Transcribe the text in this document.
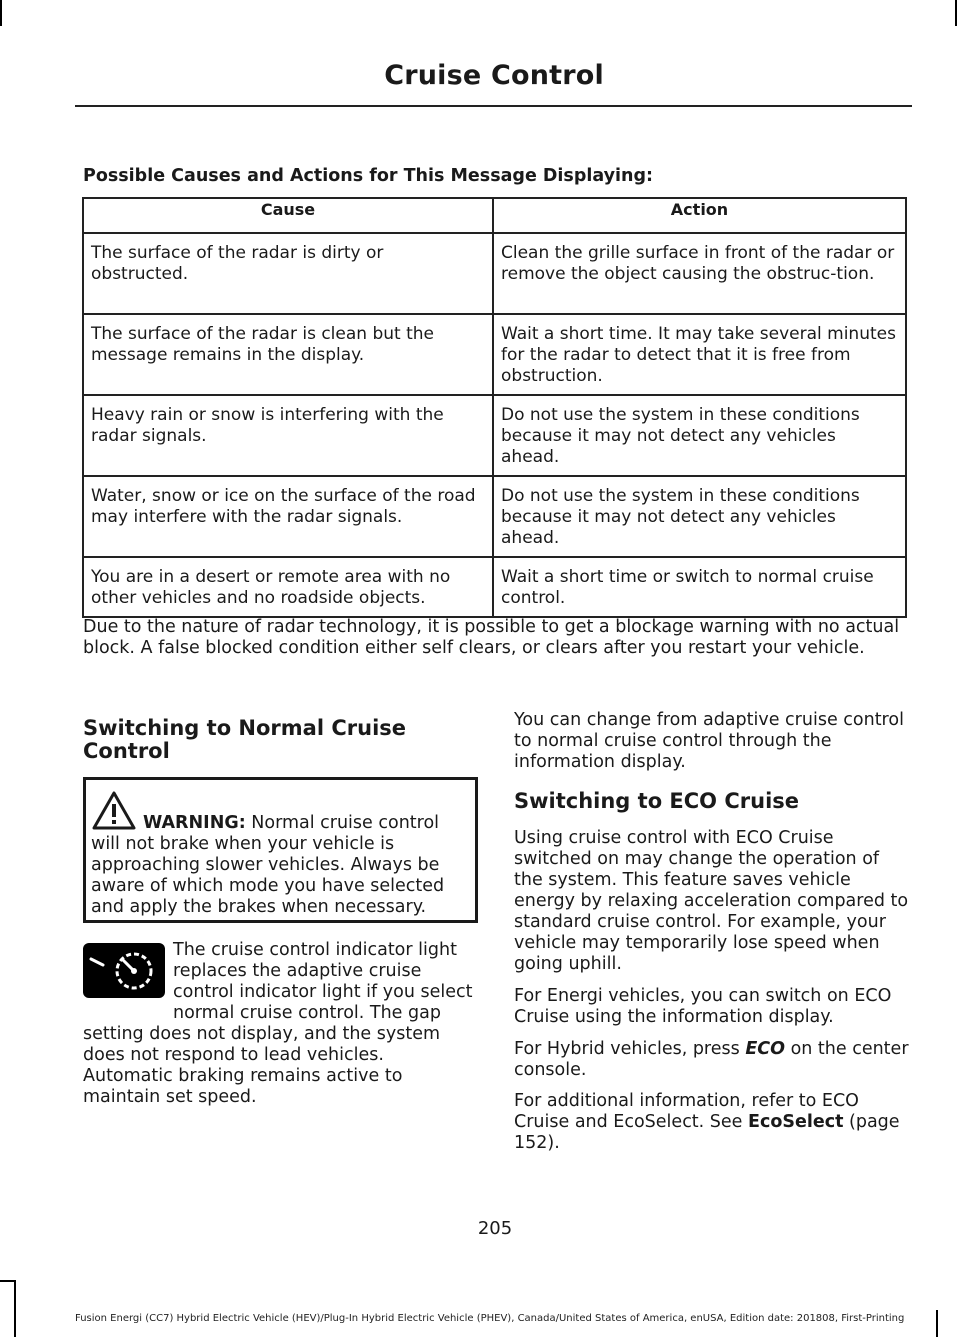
Cruise Control
Possible Causes and Actions for This Message Displaying:
Cause	Action
The surface of the radar is dirty or obstructed.	Clean the grille surface in front of the radar or remove the object causing the obstruc-tion.
The surface of the radar is clean but the message remains in the display.	Wait a short time. It may take several minutes for the radar to detect that it is free from obstruction.
Heavy rain or snow is interfering with the radar signals.	Do not use the system in these conditions because it may not detect any vehicles ahead.
Water, snow or ice on the surface of the road may interfere with the radar signals.	Do not use the system in these conditions because it may not detect any vehicles ahead.
You are in a desert or remote area with no other vehicles and no roadside objects.	Wait a short time or switch to normal cruise control.
Due to the nature of radar technology, it is possible to get a blockage warning with no actual block. A false blocked condition either self clears, or clears after you restart your vehicle.
Switching to Normal Cruise Control
WARNING: Normal cruise control will not brake when your vehicle is approaching slower vehicles. Always be aware of which mode you have selected and apply the brakes when necessary.
The cruise control indicator light replaces the adaptive cruise control indicator light if you select normal cruise control. The gap setting does not display, and the system does not respond to lead vehicles. Automatic braking remains active to maintain set speed.
You can change from adaptive cruise control to normal cruise control through the information display.
Switching to ECO Cruise
Using cruise control with ECO Cruise switched on may change the operation of the system. This feature saves vehicle energy by relaxing acceleration compared to standard cruise control. For example, your vehicle may temporarily lose speed when going uphill.
For Energi vehicles, you can switch on ECO Cruise using the information display.
For Hybrid vehicles, press ECO on the center console.
For additional information, refer to ECO Cruise and EcoSelect. See EcoSelect (page 152).
205
Fusion Energi (CC7) Hybrid Electric Vehicle (HEV)/Plug-In Hybrid Electric Vehicle (PHEV), Canada/United States of America, enUSA, Edition date: 201808, First-Printing
